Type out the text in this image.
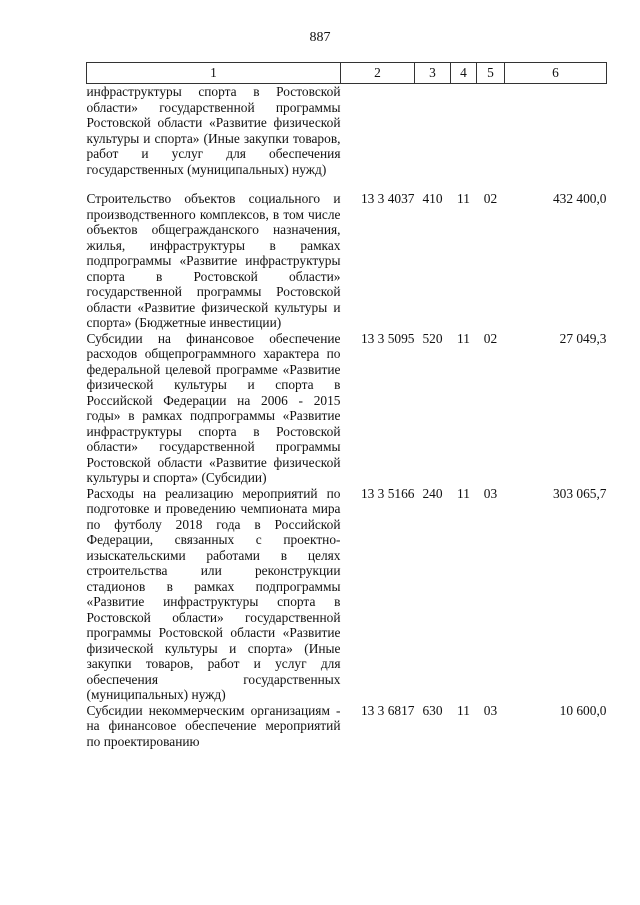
887
1	2	3	4	5	6
инфраструктуры спорта в Ростовской области» государственной программы Ростовской области «Развитие физической культуры и спорта» (Иные закупки товаров, работ и услуг для обеспечения государственных (муниципальных) нужд)					
Строительство объектов социального и производственного комплексов, в том числе объектов общегражданского назначения, жилья, инфраструктуры в рамках подпрограммы «Развитие инфраструктуры спорта в Ростовской области» государственной программы Ростовской области «Развитие физической культуры и спорта» (Бюджетные инвестиции)	13 3 4037	410	11	02	432 400,0
Субсидии на финансовое обеспечение расходов общепрограммного характера по федеральной целевой программе «Развитие физической культуры и спорта в Российской Федерации на 2006 - 2015 годы» в рамках подпрограммы «Развитие инфраструктуры спорта в Ростовской области» государственной программы Ростовской области «Развитие физической культуры и спорта» (Субсидии)	13 3 5095	520	11	02	27 049,3
Расходы на реализацию мероприятий по подготовке и проведению чемпионата мира по футболу 2018 года в Российской Федерации, связанных с проектно-изыскательскими работами в целях строительства или реконструкции стадионов в рамках подпрограммы «Развитие инфраструктуры спорта в Ростовской области» государственной программы Ростовской области «Развитие физической культуры и спорта» (Иные закупки товаров, работ и услуг для обеспечения государственных (муниципальных) нужд)	13 3 5166	240	11	03	303 065,7
Субсидии некоммерческим организациям - на финансовое обеспечение мероприятий по проектированию	13 3 6817	630	11	03	10 600,0
